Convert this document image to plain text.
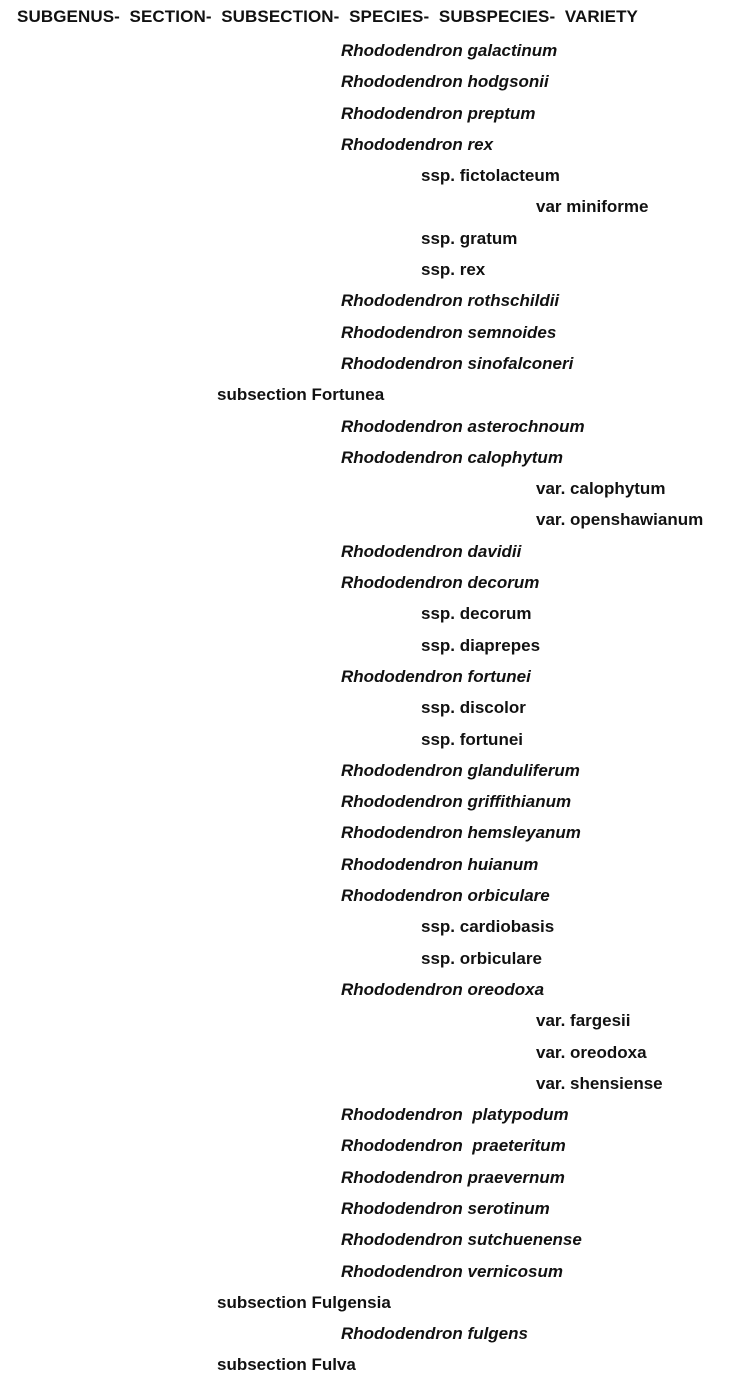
SUBGENUS-  SECTION-  SUBSECTION-  SPECIES-  SUBSPECIES-  VARIETY
Rhododendron galactinum
Rhododendron hodgsonii
Rhododendron preptum
Rhododendron rex
ssp. fictolacteum
var miniforme
ssp. gratum
ssp. rex
Rhododendron rothschildii
Rhododendron semnoides
Rhododendron sinofalconeri
subsection Fortunea
Rhododendron asterochnoum
Rhododendron calophytum
var. calophytum
var. openshawianum
Rhododendron davidii
Rhododendron decorum
ssp. decorum
ssp. diaprepes
Rhododendron fortunei
ssp. discolor
ssp. fortunei
Rhododendron glanduliferum
Rhododendron griffithianum
Rhododendron hemsleyanum
Rhododendron huianum
Rhododendron orbiculare
ssp. cardiobasis
ssp. orbiculare
Rhododendron oreodoxa
var. fargesii
var. oreodoxa
var. shensiense
Rhododendron  platypodum
Rhododendron  praeteritum
Rhododendron praevernum
Rhododendron serotinum
Rhododendron sutchuenense
Rhododendron vernicosum
subsection Fulgensia
Rhododendron fulgens
subsection Fulva
